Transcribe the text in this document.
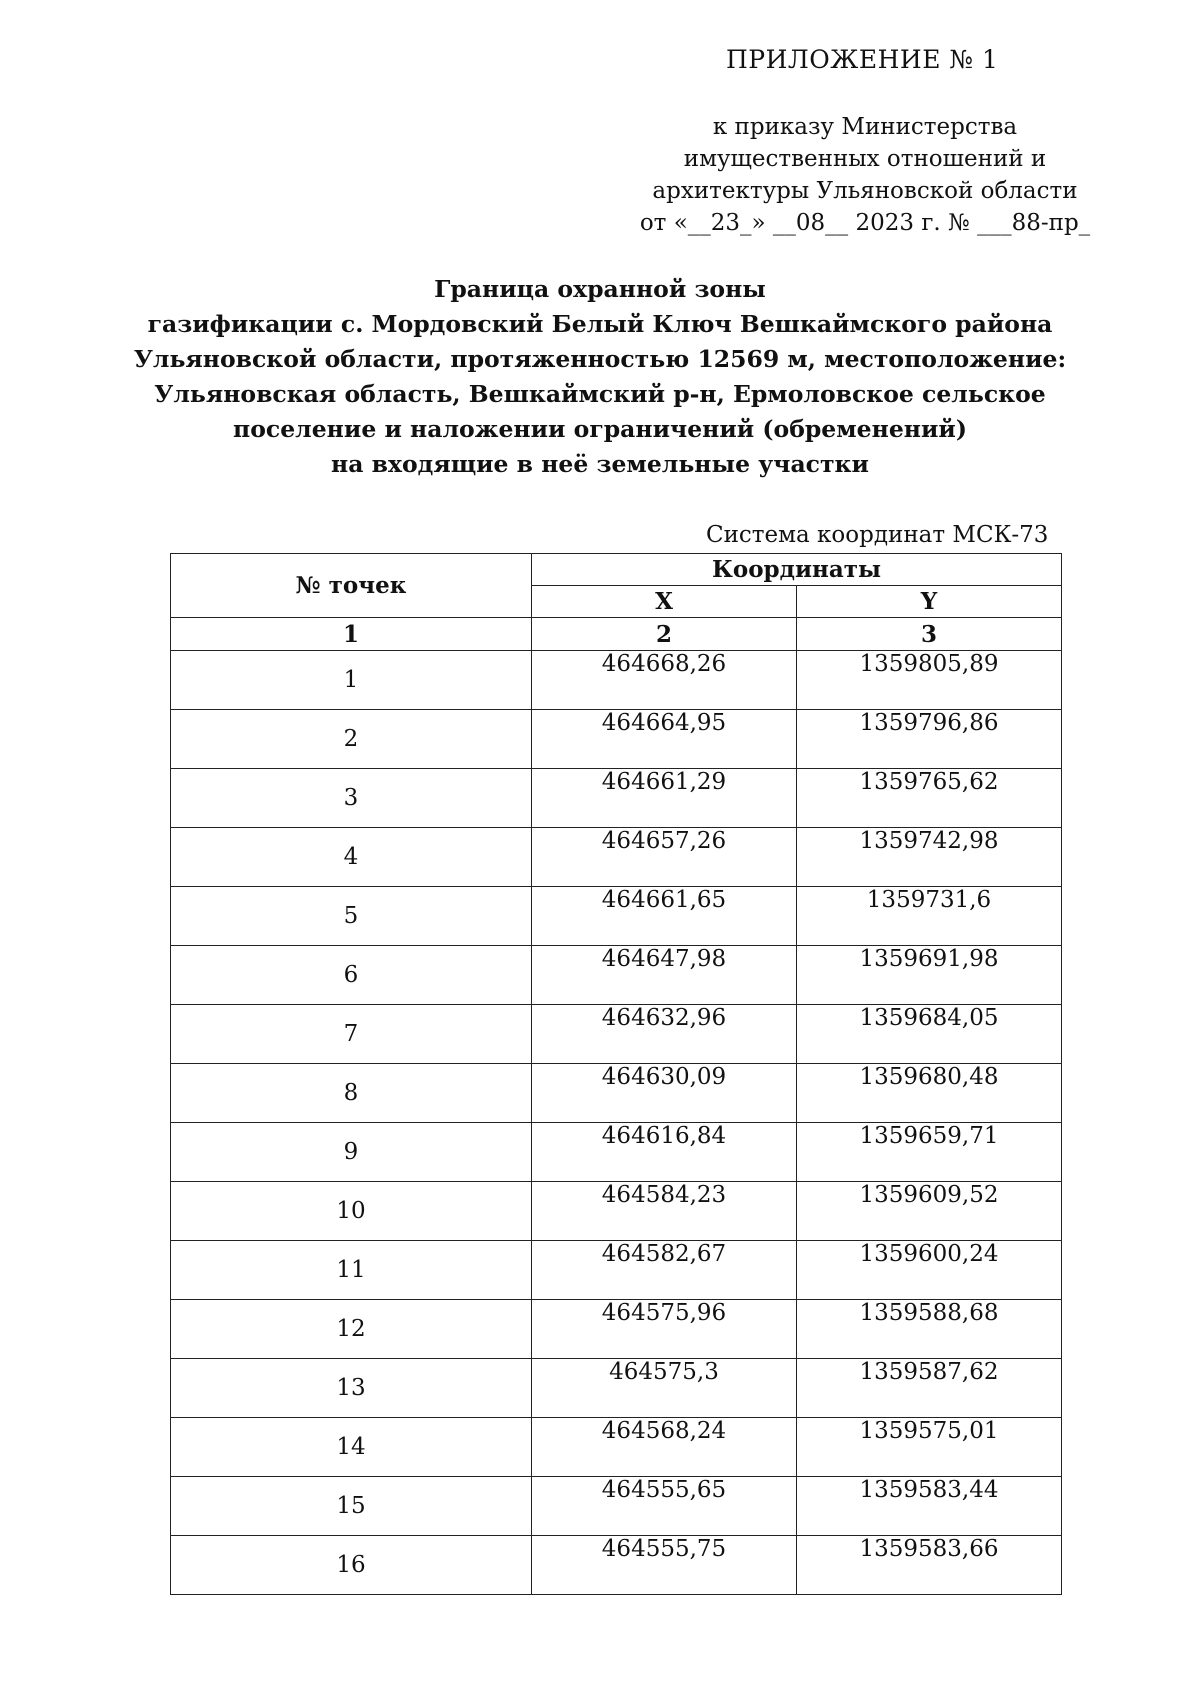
ПРИЛОЖЕНИЕ № 1
к приказу Министерства
имущественных отношений и
архитектуры Ульяновской области
от «__23_» __08__ 2023 г. № ___88-пр_
Граница охранной зоны
газификации с. Мордовский Белый Ключ Вешкаймского района
Ульяновской области, протяженностью 12569 м, местоположение:
Ульяновская область, Вешкаймский р-н, Ермоловское сельское
поселение и наложении ограничений (обременений)
на входящие в неё земельные участки
Система координат МСК-73
№ точек	Координаты	
	X	Y
1	2	3
1	464668,26	1359805,89
2	464664,95	1359796,86
3	464661,29	1359765,62
4	464657,26	1359742,98
5	464661,65	1359731,6
6	464647,98	1359691,98
7	464632,96	1359684,05
8	464630,09	1359680,48
9	464616,84	1359659,71
10	464584,23	1359609,52
11	464582,67	1359600,24
12	464575,96	1359588,68
13	464575,3	1359587,62
14	464568,24	1359575,01
15	464555,65	1359583,44
16	464555,75	1359583,66
